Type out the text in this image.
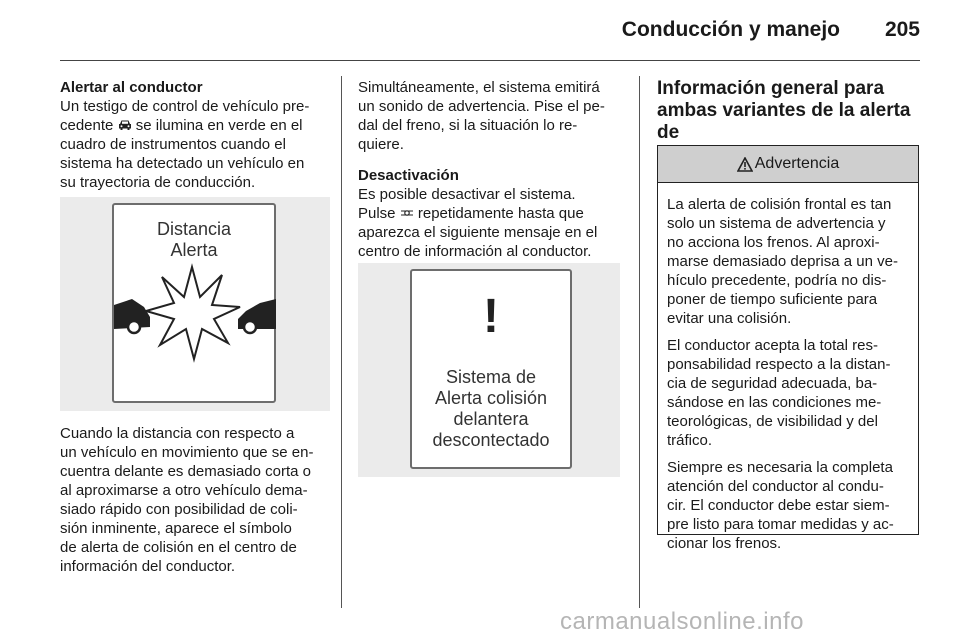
Conducción y manejo	205

Alertar al conductor

Un testigo de control de vehículo pre-

cedente se ilumina en verde en el

cuadro de instrumentos cuando el

sistema ha detectado un vehículo en

su trayectoria de conducción.

Distancia
Alerta

Cuando la distancia con respecto a

un vehículo en movimiento que se en-

cuentra delante es demasiado corta o

al aproximarse a otro vehículo dema-

siado rápido con posibilidad de coli-

sión inminente, aparece el símbolo

de alerta de colisión en el centro de

información del conductor.

Simultáneamente, el sistema emitirá

un sonido de advertencia. Pise el pe-

dal del freno, si la situación lo re-

quiere.

Desactivación

Es posible desactivar el sistema.

Pulse repetidamente hasta que

aparezca el siguiente mensaje en el

centro de información al conductor.

!
Sistema de
Alerta colisión
delantera
descontectado

Información general para

ambas variantes de la alerta de

Advertencia

La alerta de colisión frontal es tan
solo un sistema de advertencia y
no acciona los frenos. Al aproxi-
marse demasiado deprisa a un ve-
hículo precedente, podría no dis-
poner de tiempo suficiente para
evitar una colisión.

El conductor acepta la total res-
ponsabilidad respecto a la distan-
cia de seguridad adecuada, ba-
sándose en las condiciones me-
teorológicas, de visibilidad y del
tráfico.

Siempre es necesaria la completa
atención del conductor al condu-
cir. El conductor debe estar siem-
pre listo para tomar medidas y ac-
cionar los frenos.

carmanualsonline.info
